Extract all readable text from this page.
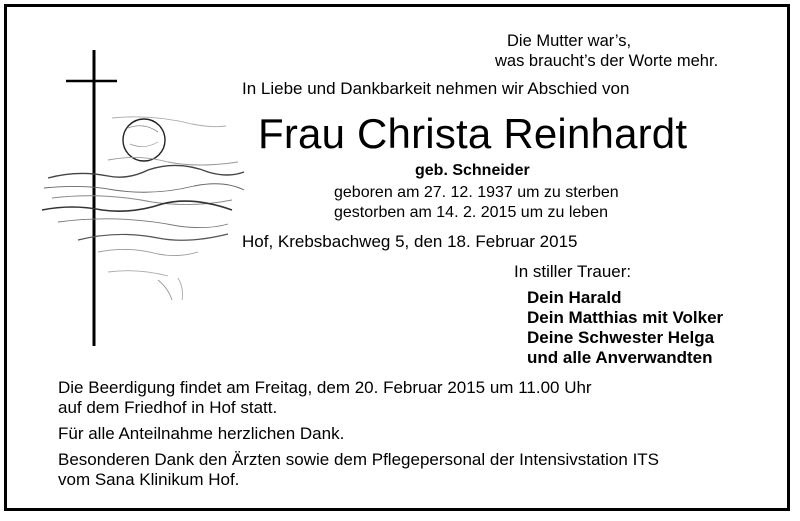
Die Mutter war’s,
was braucht’s der Worte mehr.
In Liebe und Dankbarkeit nehmen wir Abschied von
Frau Christa Reinhardt
geb. Schneider
geboren am 27. 12. 1937 um zu sterben
gestorben am 14. 2. 2015 um zu leben
Hof, Krebsbachweg 5, den 18. Februar 2015
In stiller Trauer:
Dein Harald
Dein Matthias mit Volker
Deine Schwester Helga
und alle Anverwandten
Die Beerdigung findet am Freitag, dem 20. Februar 2015 um 11.00 Uhr
auf dem Friedhof in Hof statt.
Für alle Anteilnahme herzlichen Dank.
Besonderen Dank den Ärzten sowie dem Pflegepersonal der Intensivstation ITS
vom Sana Klinikum Hof.
